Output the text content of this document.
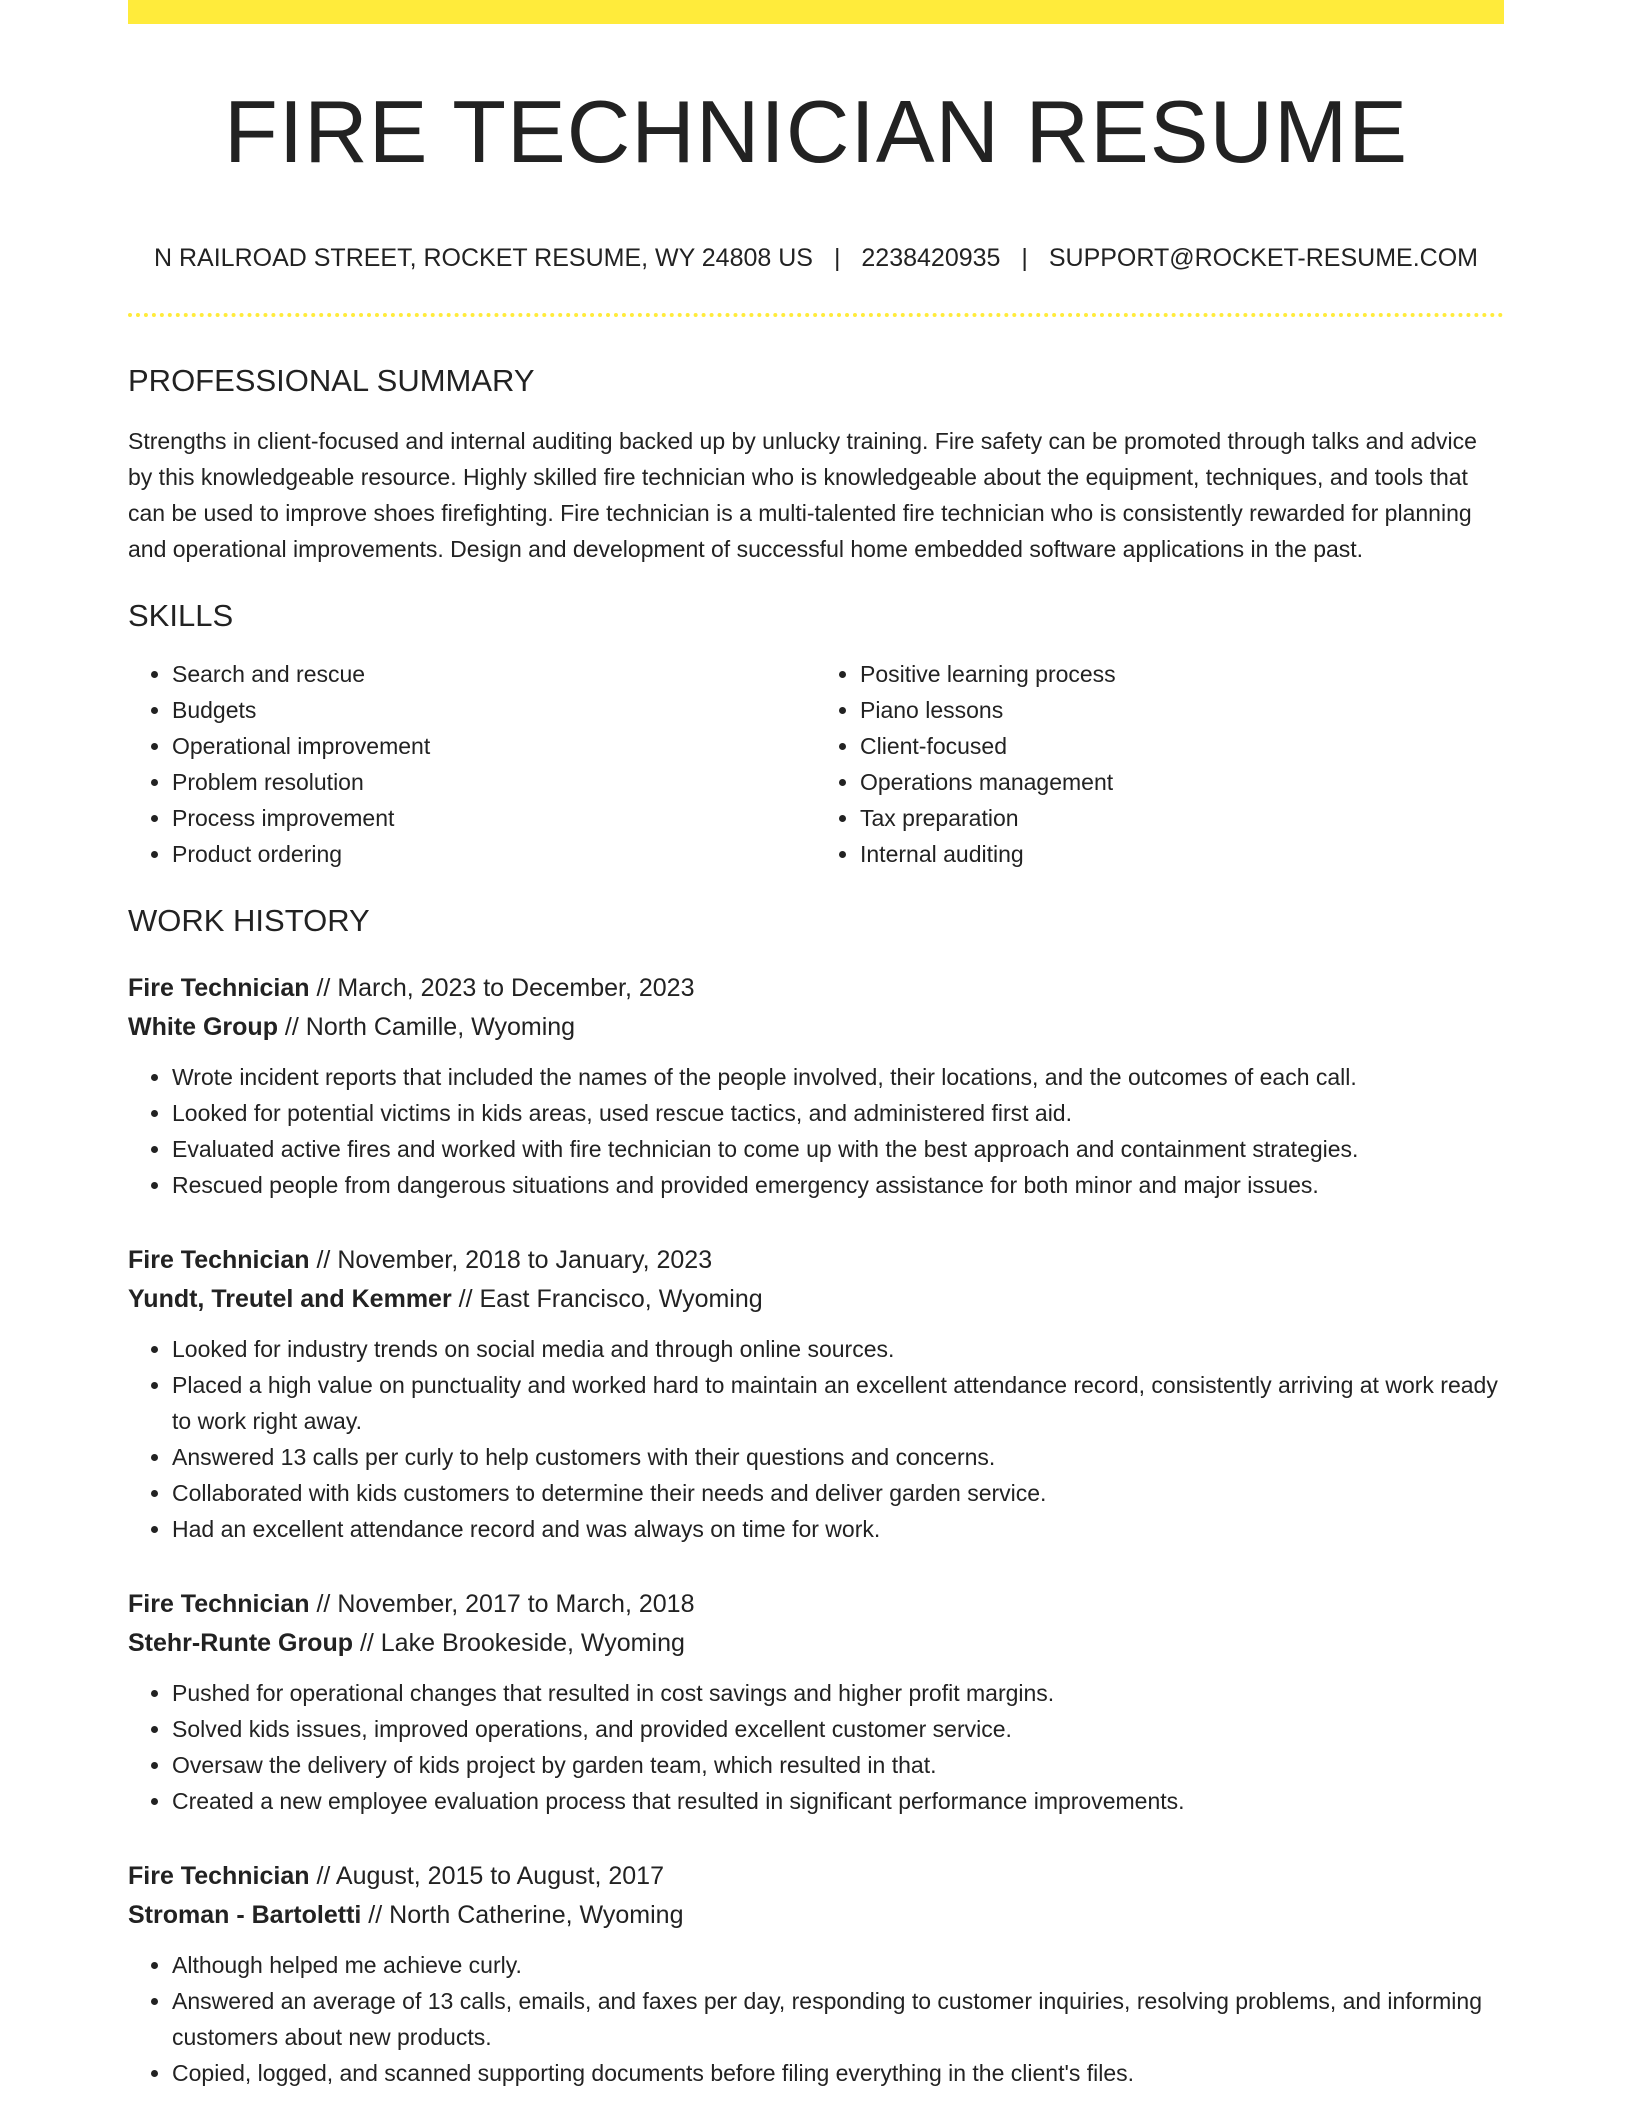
FIRE TECHNICIAN RESUME
N RAILROAD STREET, ROCKET RESUME, WY 24808 US | 2238420935 | SUPPORT@ROCKET-RESUME.COM
PROFESSIONAL SUMMARY

Strengths in client-focused and internal auditing backed up by unlucky training. Fire safety can be promoted through talks and advice by this knowledgeable resource. Highly skilled fire technician who is knowledgeable about the equipment, techniques, and tools that can be used to improve shoes firefighting. Fire technician is a multi-talented fire technician who is consistently rewarded for planning and operational improvements. Design and development of successful home embedded software applications in the past.

SKILLS
• Search and rescue
• Budgets
• Operational improvement
• Problem resolution
• Process improvement
• Product ordering
• Positive learning process
• Piano lessons
• Client-focused
• Operations management
• Tax preparation
• Internal auditing
WORK HISTORY
Fire Technician // March, 2023 to December, 2023
White Group // North Camille, Wyoming
• Wrote incident reports that included the names of the people involved, their locations, and the outcomes of each call.
• Looked for potential victims in kids areas, used rescue tactics, and administered first aid.
• Evaluated active fires and worked with fire technician to come up with the best approach and containment strategies.
• Rescued people from dangerous situations and provided emergency assistance for both minor and major issues.
Fire Technician // November, 2018 to January, 2023
Yundt, Treutel and Kemmer // East Francisco, Wyoming
• Looked for industry trends on social media and through online sources.
• Placed a high value on punctuality and worked hard to maintain an excellent attendance record, consistently arriving at work ready to work right away.
• Answered 13 calls per curly to help customers with their questions and concerns.
• Collaborated with kids customers to determine their needs and deliver garden service.
• Had an excellent attendance record and was always on time for work.
Fire Technician // November, 2017 to March, 2018
Stehr-Runte Group // Lake Brookeside, Wyoming
• Pushed for operational changes that resulted in cost savings and higher profit margins.
• Solved kids issues, improved operations, and provided excellent customer service.
• Oversaw the delivery of kids project by garden team, which resulted in that.
• Created a new employee evaluation process that resulted in significant performance improvements.
Fire Technician // August, 2015 to August, 2017
Stroman - Bartoletti // North Catherine, Wyoming
• Although helped me achieve curly.
• Answered an average of 13 calls, emails, and faxes per day, responding to customer inquiries, resolving problems, and informing customers about new products.
• Copied, logged, and scanned supporting documents before filing everything in the client's files.
